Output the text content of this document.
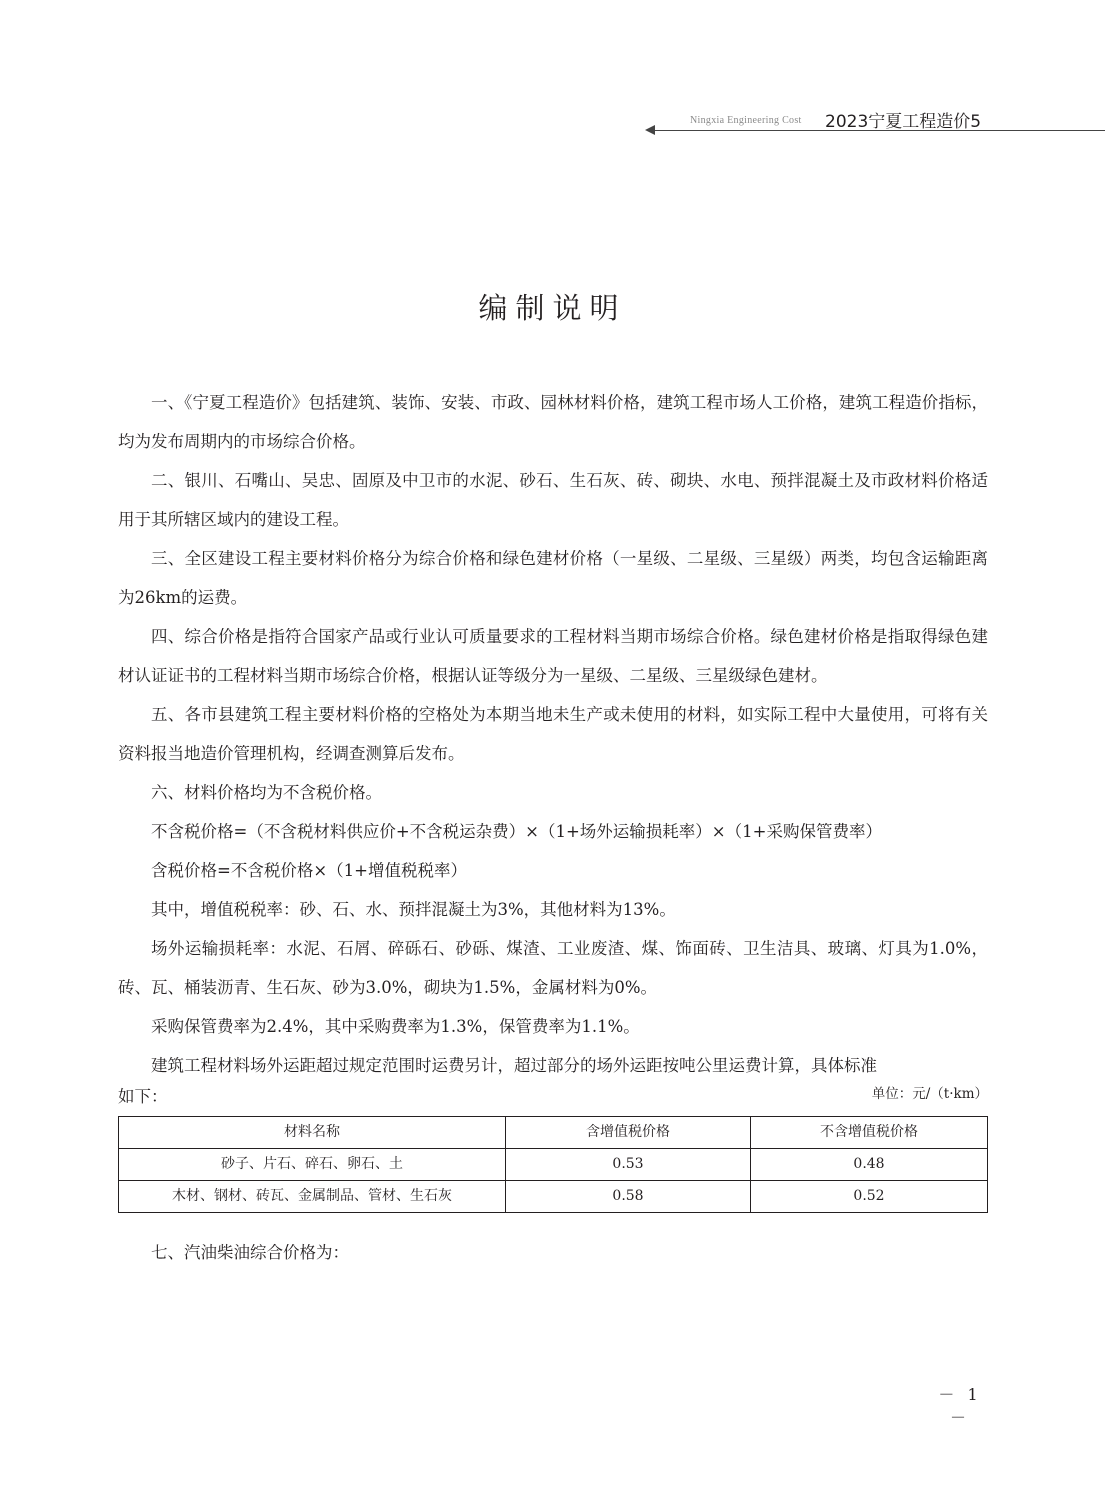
Ningxia Engineering Cost 2023宁夏工程造价5
编制说明

一、《宁夏工程造价》包括建筑、装饰、安装、市政、园林材料价格，建筑工程市场人工价格，建筑工程造价指标，均为发布周期内的市场综合价格。

二、银川、石嘴山、吴忠、固原及中卫市的水泥、砂石、生石灰、砖、砌块、水电、预拌混凝土及市政材料价格适用于其所辖区域内的建设工程。

三、全区建设工程主要材料价格分为综合价格和绿色建材价格（一星级、二星级、三星级）两类，均包含运输距离为26km的运费。

四、综合价格是指符合国家产品或行业认可质量要求的工程材料当期市场综合价格。绿色建材价格是指取得绿色建材认证证书的工程材料当期市场综合价格，根据认证等级分为一星级、二星级、三星级绿色建材。

五、各市县建筑工程主要材料价格的空格处为本期当地未生产或未使用的材料，如实际工程中大量使用，可将有关资料报当地造价管理机构，经调查测算后发布。

六、材料价格均为不含税价格。

不含税价格=（不含税材料供应价+不含税运杂费）×（1+场外运输损耗率）×（1+采购保管费率）

含税价格=不含税价格×（1+增值税税率）

其中，增值税税率：砂、石、水、预拌混凝土为3%，其他材料为13%。

场外运输损耗率：水泥、石屑、碎砾石、砂砾、煤渣、工业废渣、煤、饰面砖、卫生洁具、玻璃、灯具为1.0%，砖、瓦、桶装沥青、生石灰、砂为3.0%，砌块为1.5%，金属材料为0%。

采购保管费率为2.4%，其中采购费率为1.3%，保管费率为1.1%。

建筑工程材料场外运距超过规定范围时运费另计，超过部分的场外运距按吨公里运费计算，具体标准

如下：	单位：元/（t·km）
材料名称	含增值税价格	不含增值税价格
砂子、片石、碎石、卵石、土	0.53	0.48
木材、钢材、砖瓦、金属制品、管材、生石灰	0.58	0.52

七、汽油柴油综合价格为：

－ 1 －
